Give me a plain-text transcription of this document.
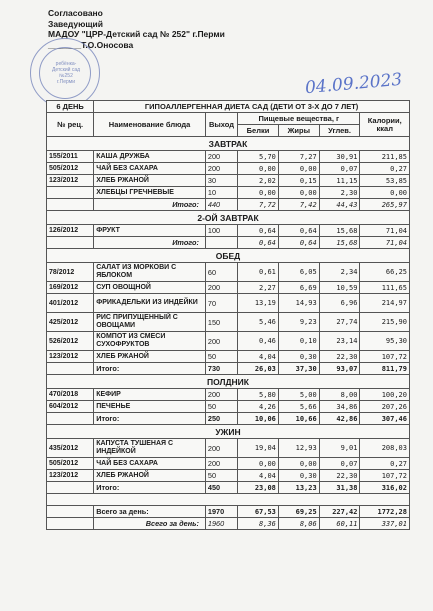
Согласовано
Заведующий
МАДОУ "ЦРР-Детский сад № 252" г.Перми
_______Т.О.Оносова
ребёнка-Детский сад №252 г.Перми	04.09.2023
6 ДЕНЬ	ГИПОАЛЛЕРГЕННАЯ ДИЕТА САД (ДЕТИ ОТ 3-Х ДО 7 ЛЕТ)					
№ рец.	Наименование блюда	Выход	Пищевые вещества, г			Калории, ккал
			Белки	Жиры	Углев.	
ЗАВТРАК						
155/2011	КАША ДРУЖБА	200	5,70	7,27	30,91	211,85
505/2012	ЧАЙ БЕЗ САХАРА	200	0,00	0,00	0,07	0,27
123/2012	ХЛЕБ РЖАНОЙ	30	2,02	0,15	11,15	53,85
	ХЛЕБЦЫ ГРЕЧНЕВЫЕ	10	0,00	0,00	2,30	0,00
	Итого:	440	7,72	7,42	44,43	265,97
2-ОЙ ЗАВТРАК						
126/2012	ФРУКТ	100	0,64	0,64	15,68	71,04
	Итого:		0,64	0,64	15,68	71,04
ОБЕД						
78/2012	САЛАТ ИЗ МОРКОВИ С ЯБЛОКОМ	60	0,61	6,05	2,34	66,25
169/2012	СУП ОВОЩНОЙ	200	2,27	6,69	10,59	111,65
401/2012	ФРИКАДЕЛЬКИ ИЗ ИНДЕЙКИ	70	13,19	14,93	6,96	214,97
425/2012	РИС ПРИПУЩЕННЫЙ С ОВОЩАМИ	150	5,46	9,23	27,74	215,90
526/2012	КОМПОТ ИЗ СМЕСИ СУХОФРУКТОВ	200	0,46	0,10	23,14	95,30
123/2012	ХЛЕБ РЖАНОЙ	50	4,04	0,30	22,30	107,72
	Итого:	730	26,03	37,30	93,07	811,79
ПОЛДНИК						
470/2018	КЕФИР	200	5,80	5,00	8,00	100,20
604/2012	ПЕЧЕНЬЕ	50	4,26	5,66	34,86	207,26
	Итого:	250	10,06	10,66	42,86	307,46
УЖИН						
435/2012	КАПУСТА ТУШЕНАЯ С ИНДЕЙКОЙ	200	19,04	12,93	9,01	208,03
505/2012	ЧАЙ БЕЗ САХАРА	200	0,00	0,00	0,07	0,27
123/2012	ХЛЕБ РЖАНОЙ	50	4,04	0,30	22,30	107,72
	Итого:	450	23,08	13,23	31,38	316,02

	Всего за день:	1970	67,53	69,25	227,42	1772,28
	Всего за день:	1960	8,36	8,06	60,11	337,01
